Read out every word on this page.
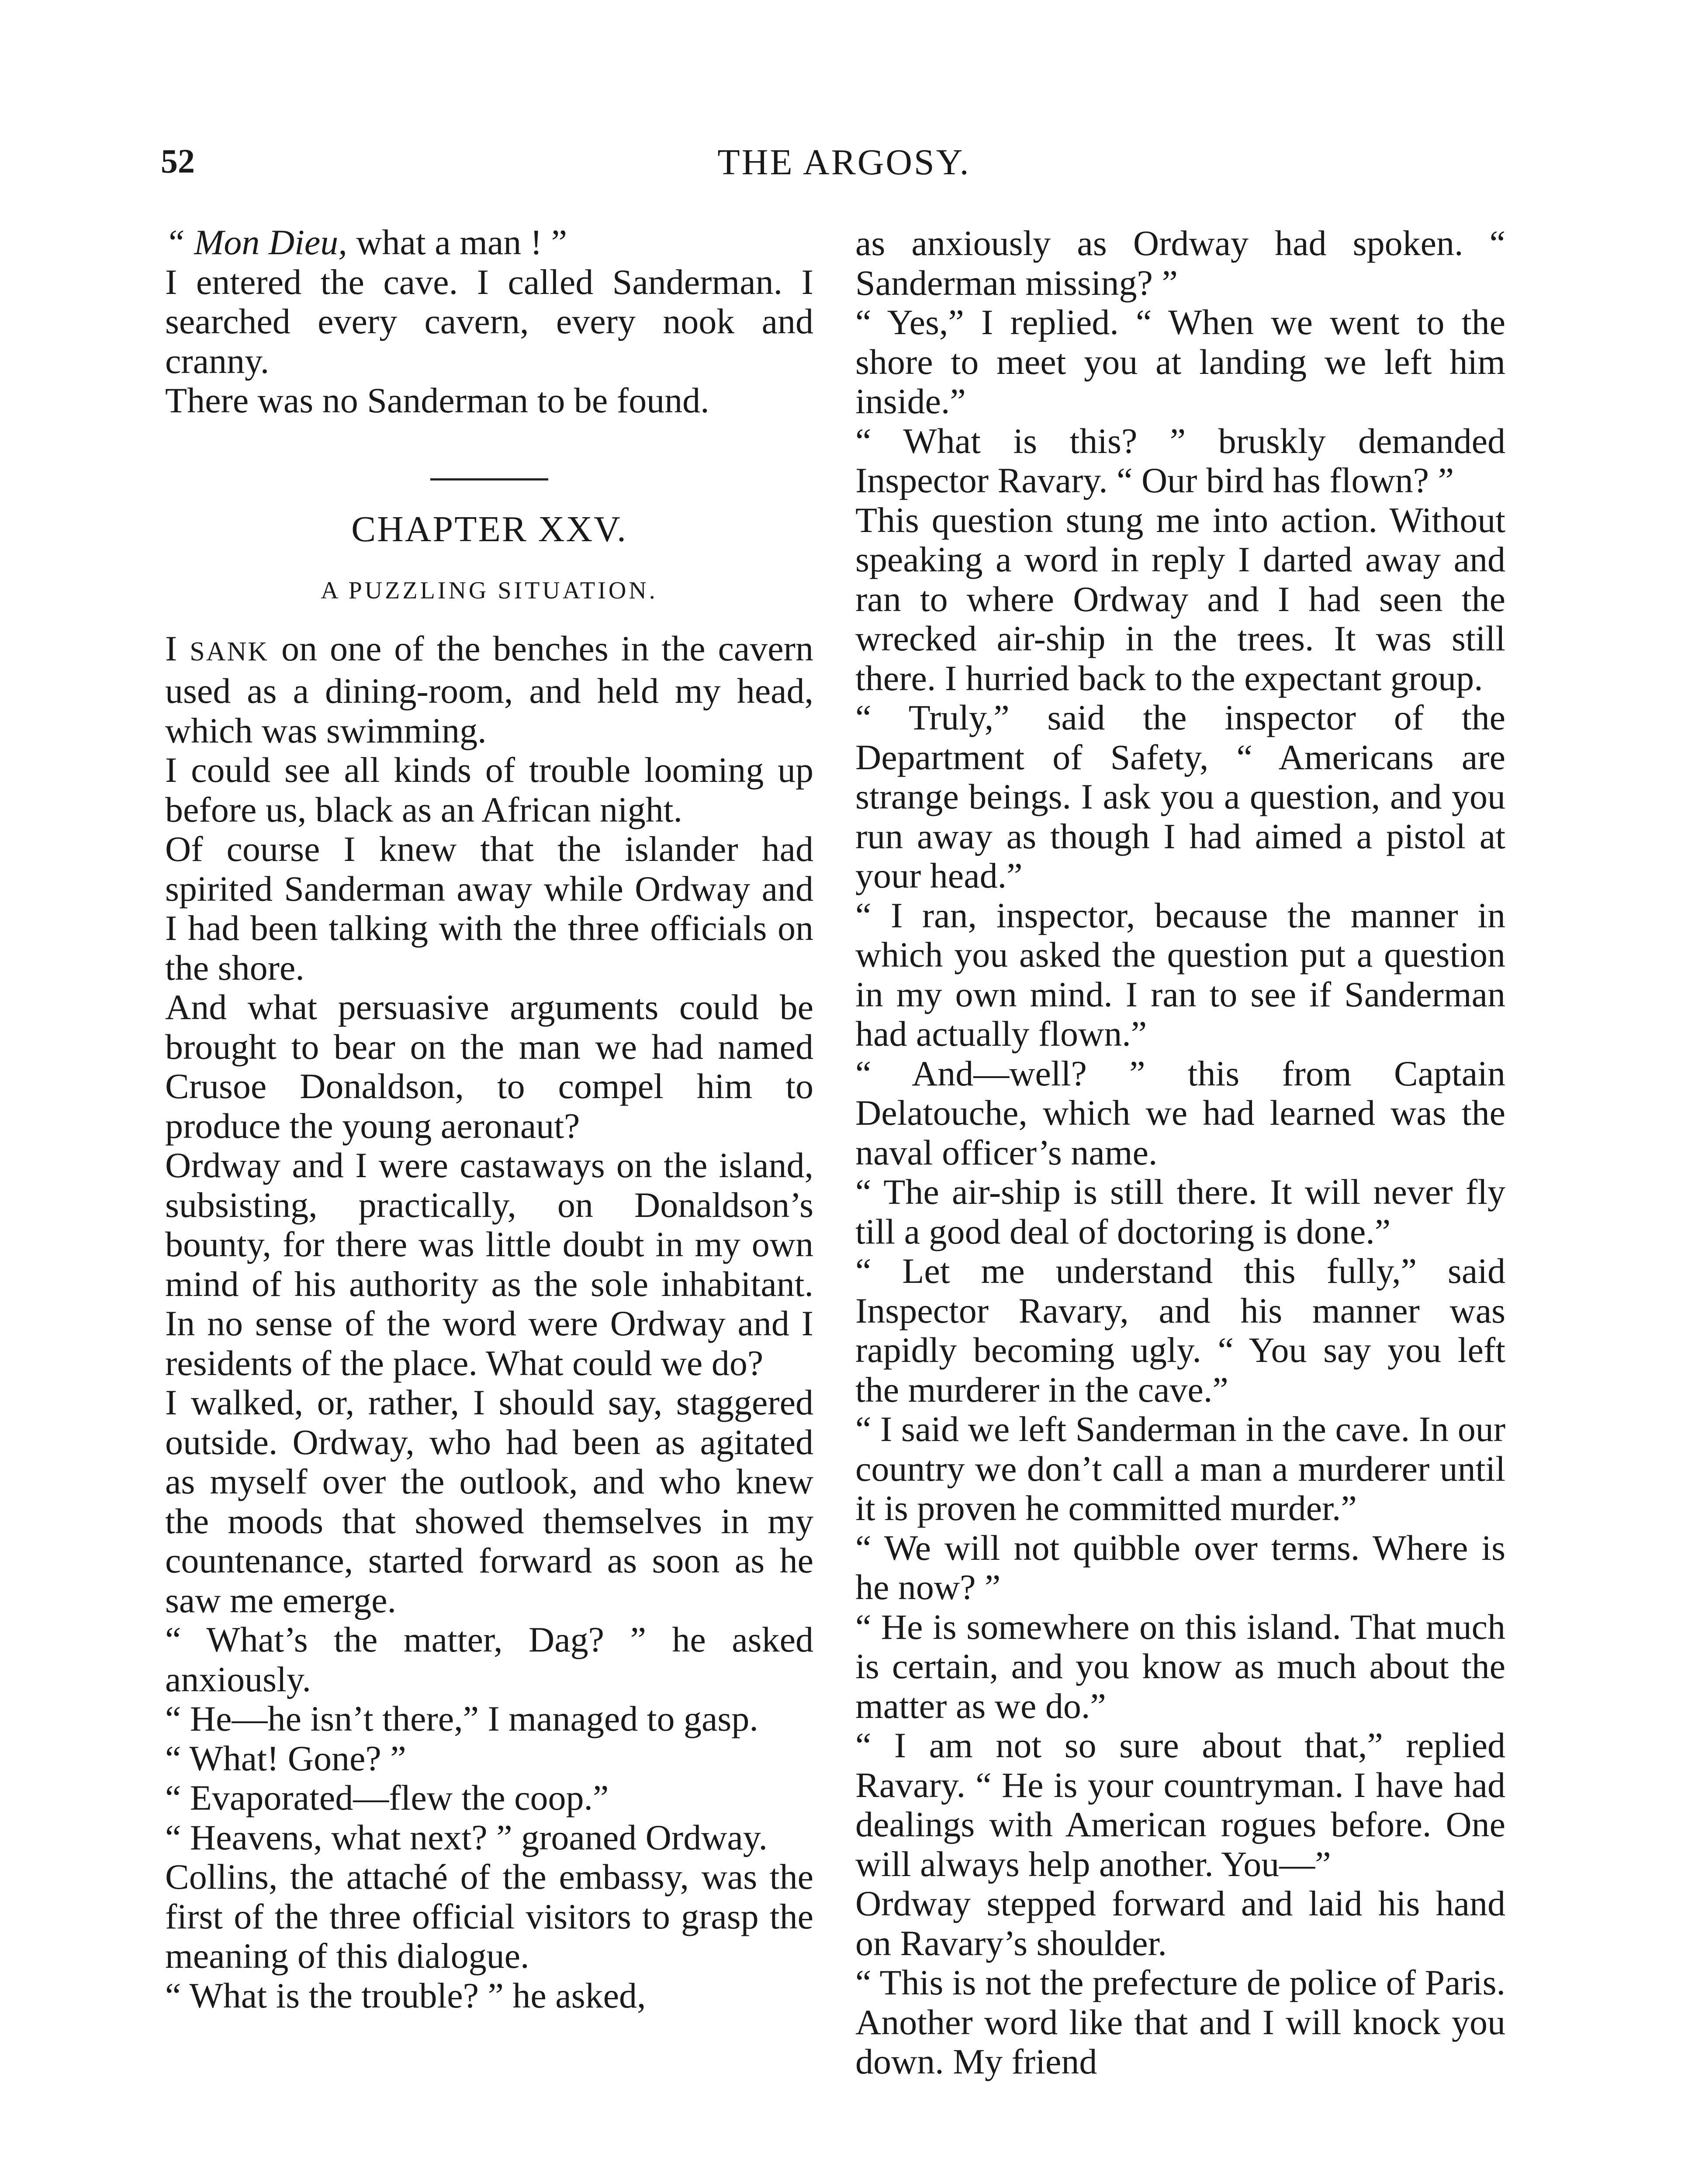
52	THE ARGOSY.

“ Mon Dieu, what a man ! ”

I entered the cave. I called Sanderman. I searched every cavern, every nook and cranny.

There was no Sanderman to be found.

CHAPTER XXV.
A PUZZLING SITUATION.

I SANK on one of the benches in the cavern used as a dining-room, and held my head, which was swimming.

I could see all kinds of trouble looming up before us, black as an African night.

Of course I knew that the islander had spirited Sanderman away while Ordway and I had been talking with the three officials on the shore.

And what persuasive arguments could be brought to bear on the man we had named Crusoe Donaldson, to compel him to produce the young aeronaut?

Ordway and I were castaways on the island, subsisting, practically, on Donaldson’s bounty, for there was little doubt in my own mind of his authority as the sole inhabitant. In no sense of the word were Ordway and I residents of the place. What could we do?

I walked, or, rather, I should say, staggered outside. Ordway, who had been as agitated as myself over the outlook, and who knew the moods that showed themselves in my countenance, started forward as soon as he saw me emerge.

“ What’s the matter, Dag? ” he asked anxiously.

“ He—he isn’t there,” I managed to gasp.

“ What! Gone? ”

“ Evaporated—flew the coop.”

“ Heavens, what next? ” groaned Ordway.

Collins, the attaché of the embassy, was the first of the three official visitors to grasp the meaning of this dialogue.

“ What is the trouble? ” he asked,

as anxiously as Ordway had spoken. “ Sanderman missing? ”

“ Yes,” I replied. “ When we went to the shore to meet you at landing we left him inside.”

“ What is this? ” bruskly demanded Inspector Ravary. “ Our bird has flown? ”

This question stung me into action. Without speaking a word in reply I darted away and ran to where Ordway and I had seen the wrecked air-ship in the trees. It was still there. I hurried back to the expectant group.

“ Truly,” said the inspector of the Department of Safety, “ Americans are strange beings. I ask you a question, and you run away as though I had aimed a pistol at your head.”

“ I ran, inspector, because the manner in which you asked the question put a question in my own mind. I ran to see if Sanderman had actually flown.”

“ And—well? ” this from Captain Delatouche, which we had learned was the naval officer’s name.

“ The air-ship is still there. It will never fly till a good deal of doctoring is done.”

“ Let me understand this fully,” said Inspector Ravary, and his manner was rapidly becoming ugly. “ You say you left the murderer in the cave.”

“ I said we left Sanderman in the cave. In our country we don’t call a man a murderer until it is proven he committed murder.”

“ We will not quibble over terms. Where is he now? ”

“ He is somewhere on this island. That much is certain, and you know as much about the matter as we do.”

“ I am not so sure about that,” replied Ravary. “ He is your countryman. I have had dealings with American rogues before. One will always help another. You—”

Ordway stepped forward and laid his hand on Ravary’s shoulder.

“ This is not the prefecture de police of Paris. Another word like that and I will knock you down. My friend
